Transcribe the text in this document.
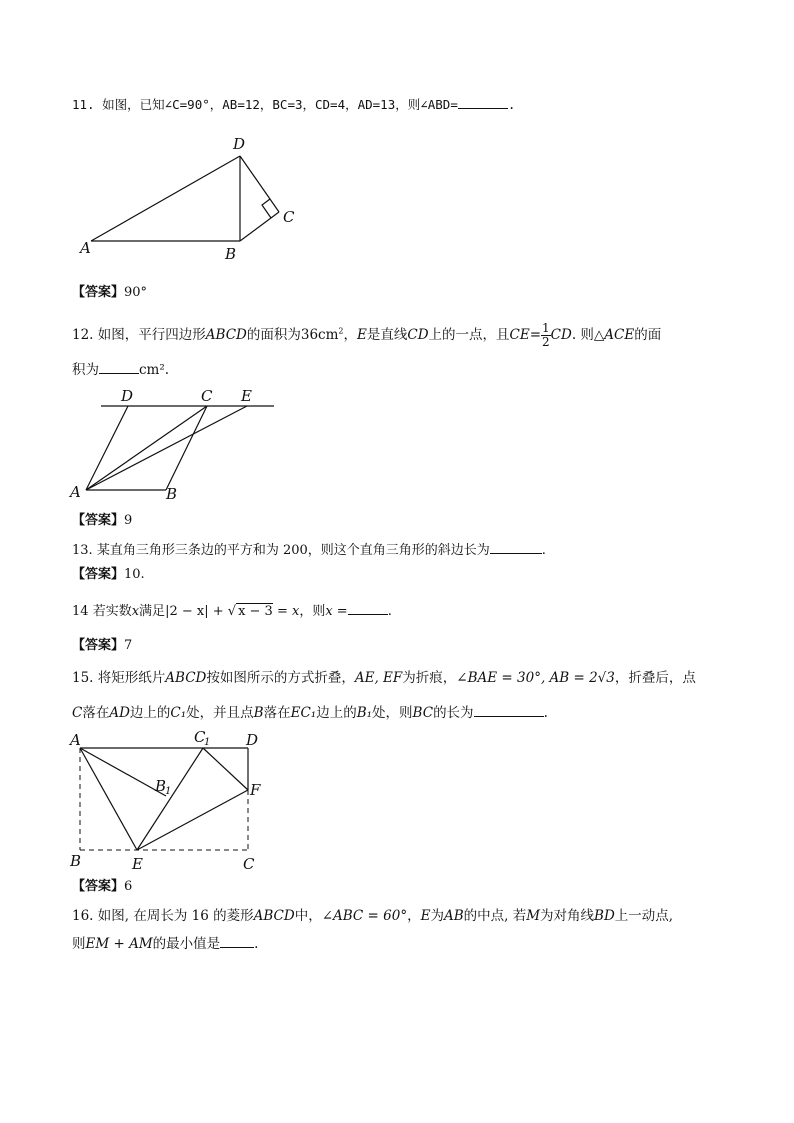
11. 如图，已知∠C=90°，AB=12，BC=3，CD=4，AD=13，则∠ABD=	.
D
C
A	B
【答案】90°
12. 如图，平行四边形ABCD的面积为$36cm^2$，E是直线CD上的一点，且$CE= \frac{1}{2}$ CD. 则△ACE的面
积为	cm².
D	C E
A	B
【答案】9
13. 某直角三角形三条边的平方和为 200，则这个直角三角形的斜边长为	.
【答案】10.
14 若实数x满足|2 − x| + √ x − 3 = x，则x =	.
【答案】7
15. 将矩形纸片ABCD按如图所示的方式折叠，AE, EF为折痕，∠BAE = 30°, AB = 2√3，折叠后，点
C落在AD边上的C₁处，并且点B落在EC₁边上的B₁处，则BC的长为	.
A	C
1 D
B
1	F
B	E	C
【答案】6
16. 如图, 在周长为 16 的菱形ABCD中，∠ABC = 60°，E为AB的中点, 若M为对角线BD上一动点,
则EM + AM的最小值是	.
